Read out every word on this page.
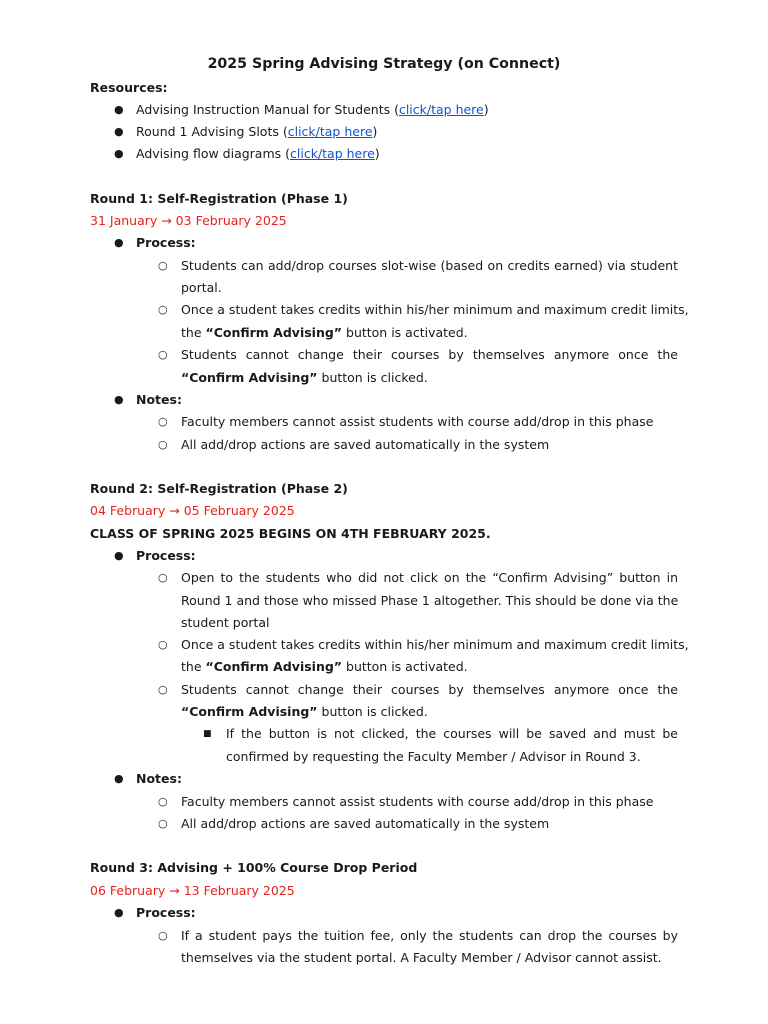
2025 Spring Advising Strategy (on Connect)
Resources:
● Advising Instruction Manual for Students (click/tap here)
● Round 1 Advising Slots (click/tap here)
● Advising flow diagrams (click/tap here)
Round 1: Self-Registration (Phase 1)
31 January → 03 February 2025
● Process:
○ Students can add/drop courses slot-wise (based on credits earned) via student
portal.
○ Once a student takes credits within his/her minimum and maximum credit limits,
the “Confirm Advising” button is activated.
○ Students cannot change their courses by themselves anymore once the
“Confirm Advising” button is clicked.
● Notes:
○ Faculty members cannot assist students with course add/drop in this phase
○ All add/drop actions are saved automatically in the system
Round 2: Self-Registration (Phase 2)
04 February → 05 February 2025
CLASS OF SPRING 2025 BEGINS ON 4TH FEBRUARY 2025.
● Process:
○ Open to the students who did not click on the “Confirm Advising” button in
Round 1 and those who missed Phase 1 altogether. This should be done via the
student portal
○ Once a student takes credits within his/her minimum and maximum credit limits,
the “Confirm Advising” button is activated.
○ Students cannot change their courses by themselves anymore once the
“Confirm Advising” button is clicked.
■ If the button is not clicked, the courses will be saved and must be
confirmed by requesting the Faculty Member / Advisor in Round 3.
● Notes:
○ Faculty members cannot assist students with course add/drop in this phase
○ All add/drop actions are saved automatically in the system
Round 3: Advising + 100% Course Drop Period
06 February → 13 February 2025
● Process:
○ If a student pays the tuition fee, only the students can drop the courses by
themselves via the student portal. A Faculty Member / Advisor cannot assist.
